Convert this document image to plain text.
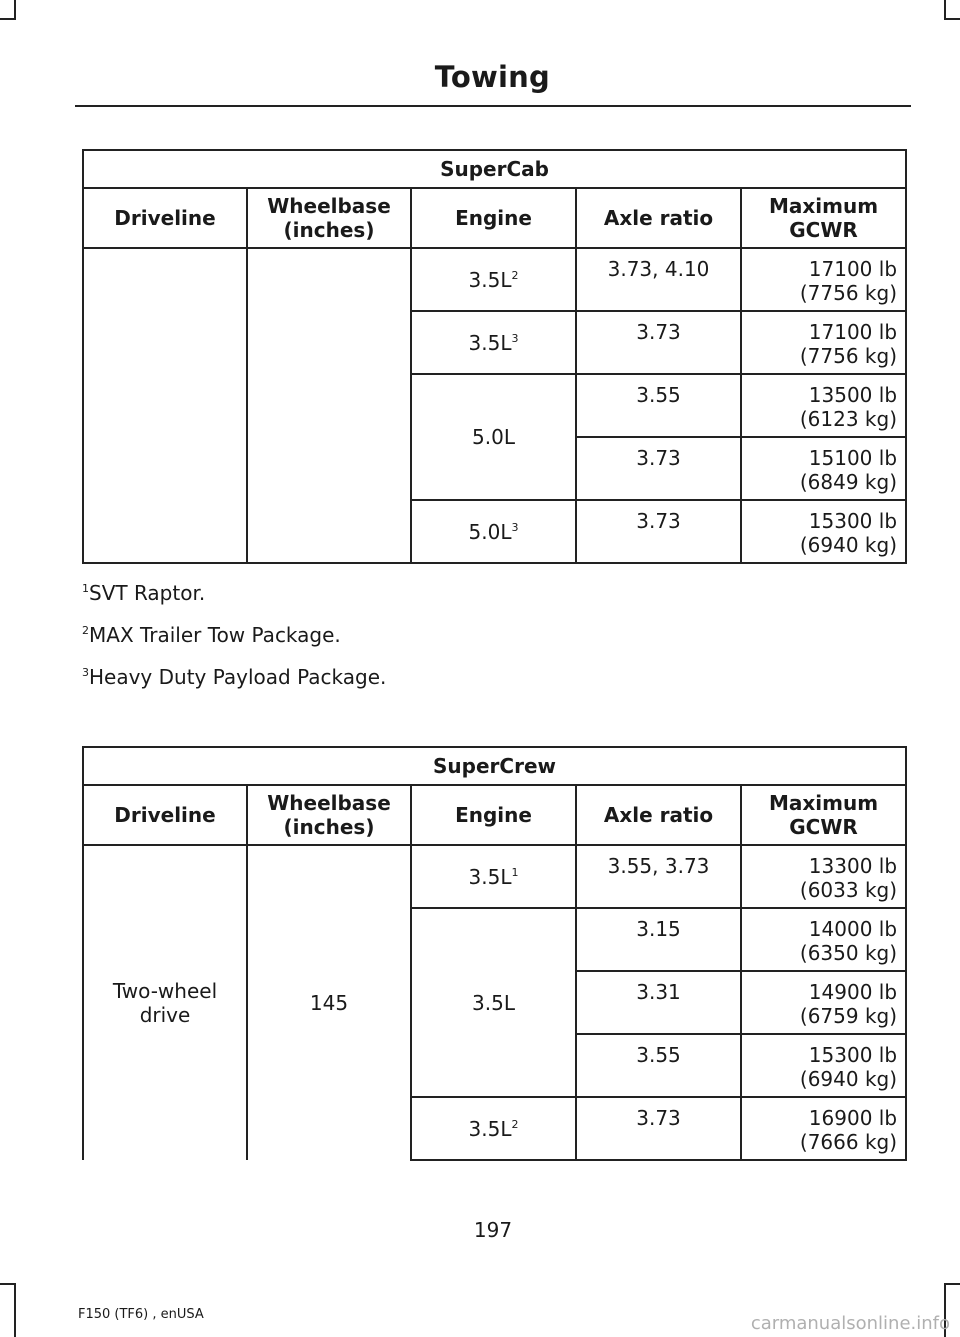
Towing
SuperCab				
Driveline	Wheelbase (inches)	Engine	Axle ratio	Maximum GCWR
		$3.5L^2$	3.73, 4.10	17100 lb
(7756 kg)

		$3.5L^3$	3.73	17100 lb
(7756 kg)

		5.0L	3.55	13500 lb
(6123 kg)

			3.73	15100 lb
(6849 kg)

		$5.0L^3$	3.73	15300 lb
(6940 kg)

$^1$SVT Raptor.

$^2$MAX Trailer Tow Package.

$^3$Heavy Duty Payload Package.

SuperCrew				
Driveline	Wheelbase (inches)	Engine	Axle ratio	Maximum GCWR
Two-wheel drive	145	$3.5L^1$	3.55, 3.73	13300 lb
(6033 kg)

		3.5L	3.15	14000 lb
(6350 kg)

			3.31	14900 lb
(6759 kg)

			3.55	15300 lb
(6940 kg)

		$3.5L^2$	3.73	16900 lb
(7666 kg)
197
F150 (TF6) , enUSA	carmanualsonline.info
